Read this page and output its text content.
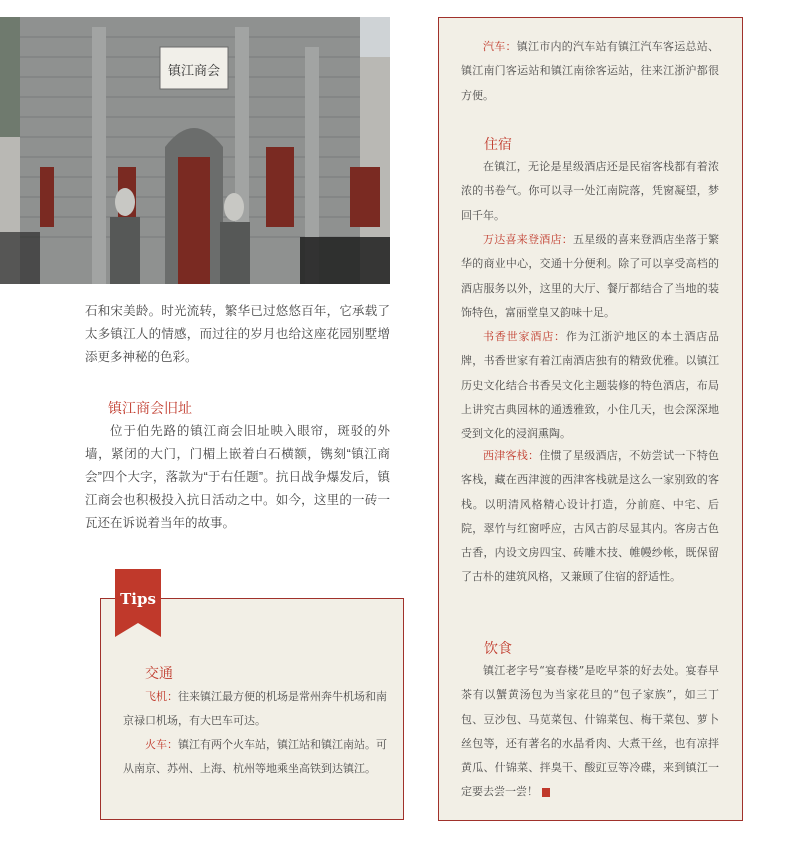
镇江商会
石和宋美龄。时光流转，繁华已过悠悠百年，它承载了太多镇江人的情感，而过往的岁月也给这座花园别墅增添更多神秘的色彩。
镇江商会旧址
位于伯先路的镇江商会旧址映入眼帘，斑驳的外墙，紧闭的大门，门楣上嵌着白石横额，镌刻“镇江商会”四个大字，落款为“于右任题”。抗日战争爆发后，镇江商会也积极投入抗日活动之中。如今，这里的一砖一瓦还在诉说着当年的故事。
Tips
交通
飞机：往来镇江最方便的机场是常州奔牛机场和南京禄口机场，有大巴车可达。
火车：镇江有两个火车站，镇江站和镇江南站。可从南京、苏州、上海、杭州等地乘坐高铁到达镇江。
汽车：镇江市内的汽车站有镇江汽车客运总站、镇江南门客运站和镇江南徐客运站，往来江浙沪都很方便。
住宿
在镇江，无论是星级酒店还是民宿客栈都有着浓浓的书卷气。你可以寻一处江南院落，凭窗凝望，梦回千年。
万达喜来登酒店：五星级的喜来登酒店坐落于繁华的商业中心，交通十分便利。除了可以享受高档的酒店服务以外，这里的大厅、餐厅都结合了当地的装饰特色，富丽堂皇又韵味十足。
书香世家酒店：作为江浙沪地区的本土酒店品牌，书香世家有着江南酒店独有的精致优雅。以镇江历史文化结合书香吴文化主题装修的特色酒店，布局上讲究古典园林的通透雅致，小住几天，也会深深地受到文化的浸润熏陶。
西津客栈：住惯了星级酒店，不妨尝试一下特色客栈，藏在西津渡的西津客栈就是这么一家别致的客栈。以明清风格精心设计打造，分前庭、中宅、后院，翠竹与红窗呼应，古风古韵尽显其内。客房古色古香，内设文房四宝、砖雕木技、帷幔纱帐，既保留了古朴的建筑风格，又兼顾了住宿的舒适性。
饮食
镇江老字号“宴春楼”是吃早茶的好去处。宴春早茶有以蟹黄汤包为当家花旦的“包子家族”，如三丁包、豆沙包、马苋菜包、什锦菜包、梅干菜包、萝卜丝包等，还有著名的水晶肴肉、大煮干丝，也有凉拌黄瓜、什锦菜、拌臭干、酸豇豆等冷碟，来到镇江一定要去尝一尝！
